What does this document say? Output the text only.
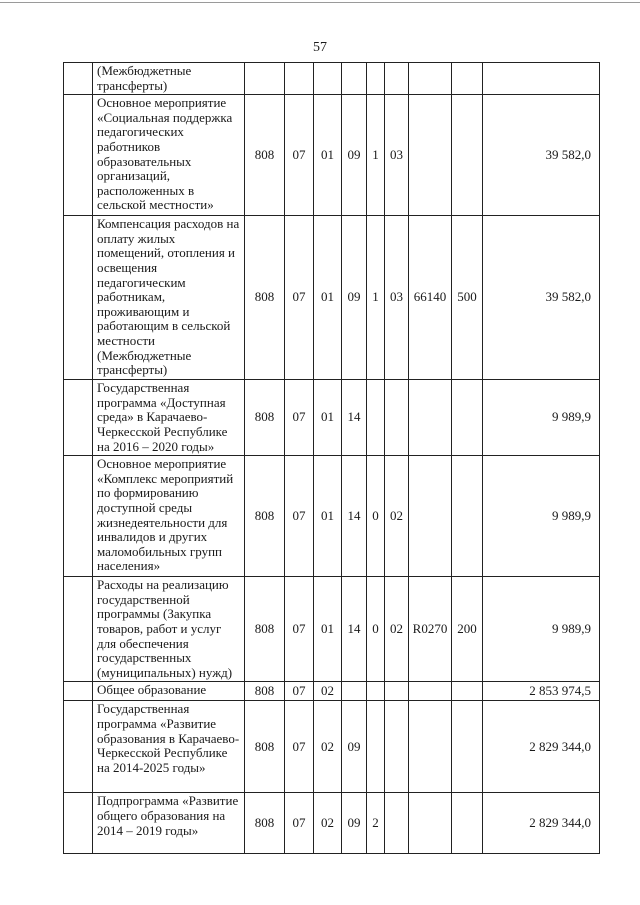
57
	(Межбюджетные трансферты)									
	Основное мероприятие «Социальная поддержка педагогических работников образовательных организаций, расположенных в сельской местности»	808	07	01	09	1	03			39 582,0
	Компенсация расходов на оплату жилых помещений, отопления и освещения педагогическим работникам, проживающим и работающим в сельской местности (Межбюджетные трансферты)	808	07	01	09	1	03	66140	500	39 582,0
	Государственная программа «Доступная среда» в Карачаево-Черкесской Республике на 2016 – 2020 годы»	808	07	01	14					9 989,9
	Основное мероприятие «Комплекс мероприятий по формированию доступной среды жизнедеятельности для инвалидов и других маломобильных групп населения»	808	07	01	14	0	02			9 989,9
	Расходы на реализацию государственной программы (Закупка товаров, работ и услуг для обеспечения государственных (муниципальных) нужд)	808	07	01	14	0	02	R0270	200	9 989,9
	Общее образование	808	07	02						2 853 974,5
	Государственная программа «Развитие образования в Карачаево-Черкесской Республике на 2014-2025 годы»	808	07	02	09					2 829 344,0
	Подпрограмма «Развитие общего образования на 2014 – 2019 годы»	808	07	02	09	2				2 829 344,0
